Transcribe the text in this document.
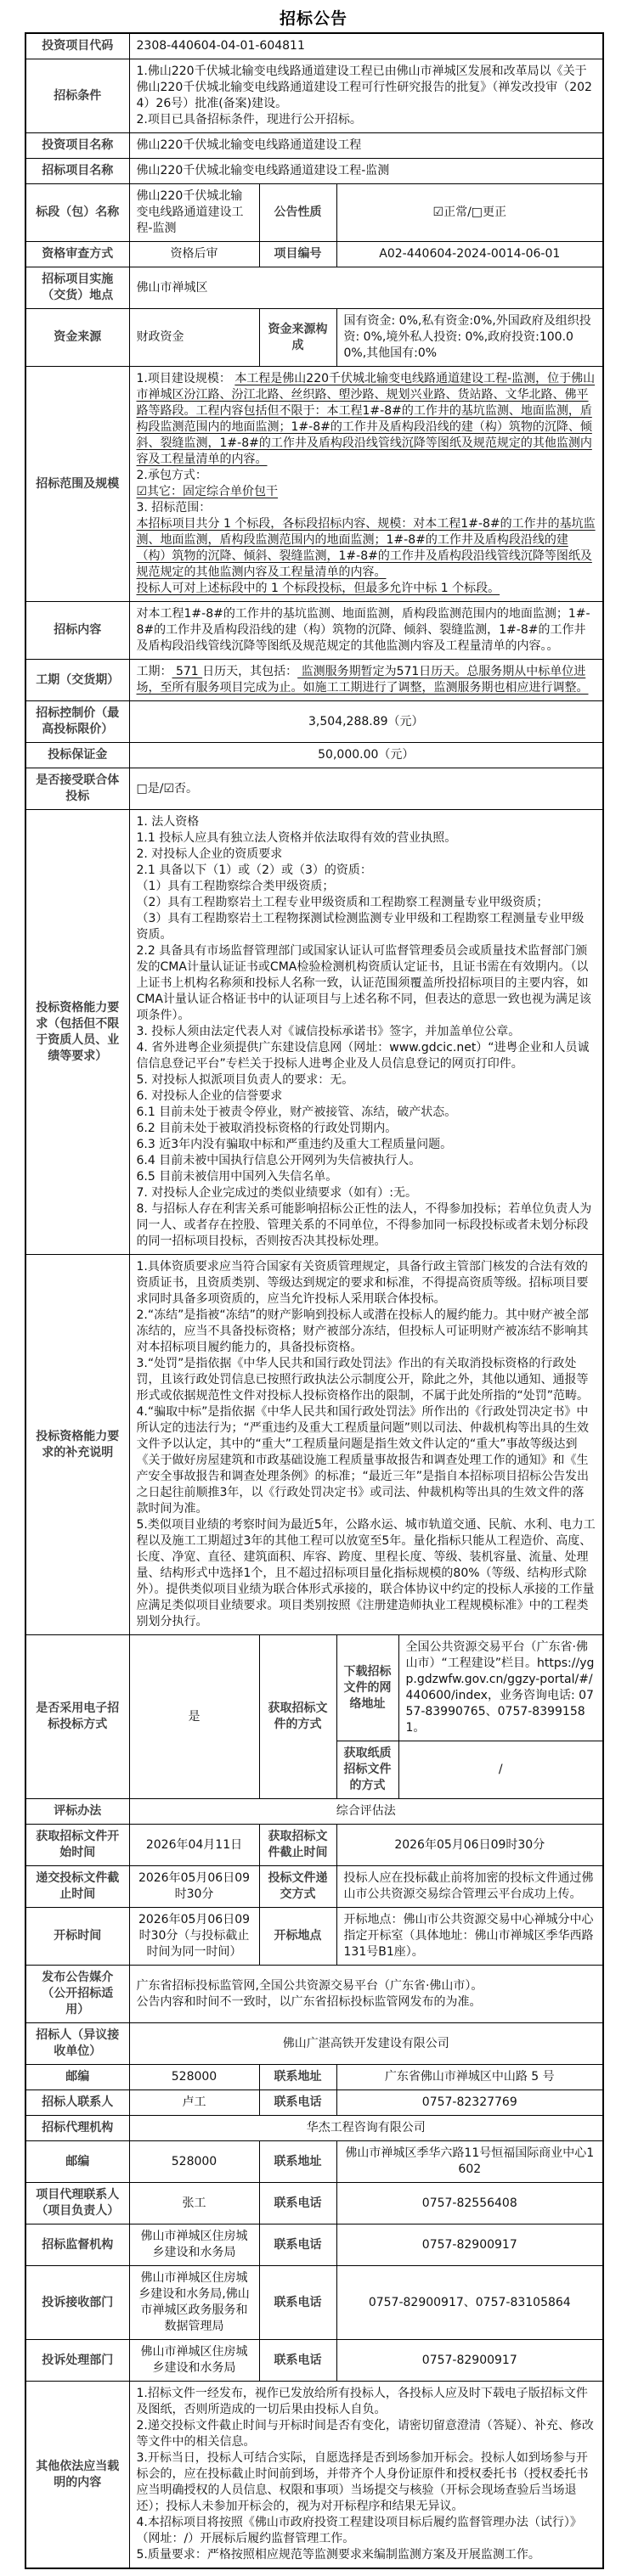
招标公告
投资项目代码	2308-440604-04-01-604811			

招标条件	1.佛山220千伏城北输变电线路通道建设工程已由佛山市禅城区发展和改革局以《关于佛山220千伏城北输变电线路通道建设工程可行性研究报告的批复》（禅发改投审（2024）26号）批准(备案)建设。
2.项目已具备招标条件，现进行公开招标。			

投资项目名称	佛山220千伏城北输变电线路通道建设工程			

招标项目名称	佛山220千伏城北输变电线路通道建设工程-监测			

标段（包）名称	佛山220千伏城北输变电线路通道建设工程-监测	公告性质	☑正常/□更正	

资格审查方式	资格后审	项目编号	A02-440604-2024-0014-06-01	

招标项目实施（交货）地点	佛山市禅城区			

资金来源	财政资金	资金来源构成	国有资金: 0%,私有资金:0%,外国政府及组织投资: 0%,境外私人投资: 0%,政府投资:100.00%,其他国有:0%	

招标范围及规模

1.项目建设规模： 本工程是佛山220千伏城北输变电线路通道建设工程-监测，位于佛山市禅城区汾江路、汾江北路、丝织路、塱沙路、规划兴业路、货站路、文华北路、佛平路等路段。工程内容包括但不限于：本工程1#-8#的工作井的基坑监测、地面监测，盾构段监测范围内的地面监测；1#-8#的工作井及盾构段沿线的建（构）筑物的沉降、倾斜、裂缝监测，1#-8#的工作井及盾构段沿线管线沉降等图纸及规范规定的其他监测内容及工程量清单的内容。
2.承包方式：
☑其它：固定综合单价包干
3. 招标范围：
本招标项目共分 1 个标段，各标段招标内容、规模：对本工程1#-8#的工作井的基坑监测、地面监测，盾构段监测范围内的地面监测；1#-8#的工作井及盾构段沿线的建（构）筑物的沉降、倾斜、裂缝监测，1#-8#的工作井及盾构段沿线管线沉降等图纸及规范规定的其他监测内容及工程量清单的内容。
投标人可对上述标段中的 1 个标段投标，但最多允许中标 1 个标段。

招标内容	对本工程1#-8#的工作井的基坑监测、地面监测，盾构段监测范围内的地面监测；1#-8#的工作井及盾构段沿线的建（构）筑物的沉降、倾斜、裂缝监测，1#-8#的工作井及盾构段沿线管线沉降等图纸及规范规定的其他监测内容及工程量清单的内容。。			

工期（交货期）	工期： 571 日历天，其包括： 监测服务期暂定为571日历天。总服务期从中标单位进场，至所有服务项目完成为止。如施工工期进行了调整，监测服务期也相应进行调整。			

招标控制价（最高投标限价）	3,504,288.89（元）			

投标保证金	50,000.00（元）			

是否接受联合体投标	□是/☑否。			

投标资格能力要求（包括但不限于资质人员、业绩等要求）

1. 法人资格
1.1 投标人应具有独立法人资格并依法取得有效的营业执照。
2. 对投标人企业的资质要求
2.1 具备以下（1）或（2）或（3）的资质：
（1）具有工程勘察综合类甲级资质；
（2）具有工程勘察岩土工程专业甲级资质和工程勘察工程测量专业甲级资质；
（3）具有工程勘察岩土工程物探测试检测监测专业甲级和工程勘察工程测量专业甲级资质。
2.2 具备具有市场监督管理部门或国家认证认可监督管理委员会或质量技术监督部门颁发的CMA计量认证证书或CMA检验检测机构资质认定证书，且证书需在有效期内。（以上证书上机构名称须和投标人名称一致，认证范围须覆盖所投招标项目的主要内容，如CMA计量认证合格证书中的认证项目与上述名称不同，但表达的意思一致也视为满足该项条件）。
3. 投标人须由法定代表人对《诚信投标承诺书》签字，并加盖单位公章。
4. 省外进粤企业须提供广东建设信息网（网址：www.gdcic.net）“进粤企业和人员诚信信息登记平台”专栏关于投标人进粤企业及人员信息登记的网页打印件。
5. 对投标人拟派项目负责人的要求：无。
6. 对投标人企业的信誉要求
6.1 目前未处于被责令停业，财产被接管、冻结，破产状态。
6.2 目前未处于被取消投标资格的行政处罚期内。
6.3 近3年内没有骗取中标和严重违约及重大工程质量问题。
6.4 目前未被中国执行信息公开网列为失信被执行人。
6.5 目前未被信用中国列入失信名单。
7. 对投标人企业完成过的类似业绩要求（如有）:无。
8. 与招标人存在利害关系可能影响招标公正性的法人，不得参加投标；若单位负责人为同一人、或者存在控股、管理关系的不同单位，不得参加同一标段投标或者未划分标段的同一招标项目投标，否则按否决其投标处理。

投标资格能力要求的补充说明	1.具体资质要求应当符合国家有关资质管理规定，具备行政主管部门核发的合法有效的资质证书，且资质类别、等级达到规定的要求和标准，不得提高资质等级。招标项目要求同时具备多项资质的，应当允许投标人采用联合体投标。
2.“冻结”是指被“冻结”的财产影响到投标人或潜在投标人的履约能力。其中财产被全部冻结的，应当不具备投标资格；财产被部分冻结，但投标人可证明财产被冻结不影响其对本招标项目履约能力的，具备投标资格。
3.“处罚”是指依据《中华人民共和国行政处罚法》作出的有关取消投标资格的行政处罚，且该行政处罚信息已按照行政执法公示制度公开，除此之外，其他以通知、通报等形式或依据规范性文件对投标人投标资格作出的限制，不属于此处所指的“处罚”范畴。
4.“骗取中标”是指依据《中华人民共和国行政处罚法》所作出的《行政处罚决定书》中所认定的违法行为；“严重违约及重大工程质量问题”则以司法、仲裁机构等出具的生效文件予以认定，其中的“重大”工程质量问题是指生效文件认定的“重大”事故等级达到《关于做好房屋建筑和市政基础设施工程质量事故报告和调查处理工作的通知》和《生产安全事故报告和调查处理条例》的标准；“最近三年”是指自本招标项目招标公告发出之日起往前顺推3年，以《行政处罚决定书》或司法、仲裁机构等出具的生效文件的落款时间为准。
5.类似项目业绩的考察时间为最近5年，公路水运、城市轨道交通、民航、水利、电力工程以及施工工期超过3年的其他工程可以放宽至5年。量化指标只能从工程造价、高度、长度、净宽、直径、建筑面积、库容、跨度、里程长度、等级、装机容量、流量、处理量、结构形式中选择1个，且不超过招标项目量化指标规模的80%（等级、结构形式除外）。提供类似项目业绩为联合体形式承接的，联合体协议中约定的投标人承接的工作量应满足类似项目业绩要求。项目类别按照《注册建造师执业工程规模标准》中的工程类别划分执行。			

是否采用电子招标投标方式	是	获取招标文件的方式	下载招标文件的网络地址	全国公共资源交易平台（广东省·佛山市）“工程建设”栏目。https://ygp.gdzwfw.gov.cn/ggzy-portal/#/440600/index，业务咨询电话: 0757-83990765、0757-83991581。

			获取纸质招标文件的方式	/

评标办法	综合评估法			

获取招标文件开始时间	2026年04月11日	获取招标文件截止时间	2026年05月06日09时30分	

递交投标文件截止时间	2026年05月06日09时30分	投标文件递交方式	投标人应在投标截止前将加密的投标文件通过佛山市公共资源交易综合管理云平台成功上传。	

开标时间	2026年05月06日09时30分（与投标截止时间为同一时间）	开标地点	开标地点：佛山市公共资源交易中心禅城分中心指定开标室（具体地址：佛山市禅城区季华西路131号B1座）。	

发布公告媒介（公开招标适用）	广东省招标投标监管网,全国公共资源交易平台（广东省·佛山市）。
公告内容和时间不一致时，以广东省招标投标监管网发布的为准。			

招标人（异议接收单位）	佛山广湛高铁开发建设有限公司			

邮编	528000	联系地址	广东省佛山市禅城区中山路 5 号	

招标人联系人	卢工	联系电话	0757-82327769	

招标代理机构	华杰工程咨询有限公司			

邮编	528000	联系地址	佛山市禅城区季华六路11号恒福国际商业中心1602	

项目代理联系人（项目负责人）	张工	联系电话	0757-82556408	

招标监督机构	佛山市禅城区住房城乡建设和水务局	联系电话	0757-82900917	

投诉接收部门	佛山市禅城区住房城乡建设和水务局,佛山市禅城区政务服务和数据管理局	联系电话	0757-82900917、0757-83105864	

投诉处理部门	佛山市禅城区住房城乡建设和水务局	联系电话	0757-82900917	

其他依法应当载明的内容	1.招标文件一经发布，视作已发放给所有投标人，各投标人应及时下载电子版招标文件及图纸，否则所造成的一切后果由投标人自负。
2.递交投标文件截止时间与开标时间是否有变化，请密切留意澄清（答疑）、补充、修改等文件中的相关信息。
3.开标当日，投标人可结合实际，自愿选择是否到场参加开标会。投标人如到场参与开标会的，应在投标截止时间前到场，并带齐个人身份证原件和授权委托书（授权委托书应当明确授权的人员信息、权限和事项）当场提交与核验（开标会现场查验后当场退还）；投标人未参加开标会的，视为对开标程序和结果无异议。
4.本招标项目将按照《佛山市政府投资工程建设项目标后履约监督管理办法（试行）》（网址：/）开展标后履约监督管理工作。
5.质量要求：严格按照相应规范等监测要求来编制监测方案及开展监测工作。			
